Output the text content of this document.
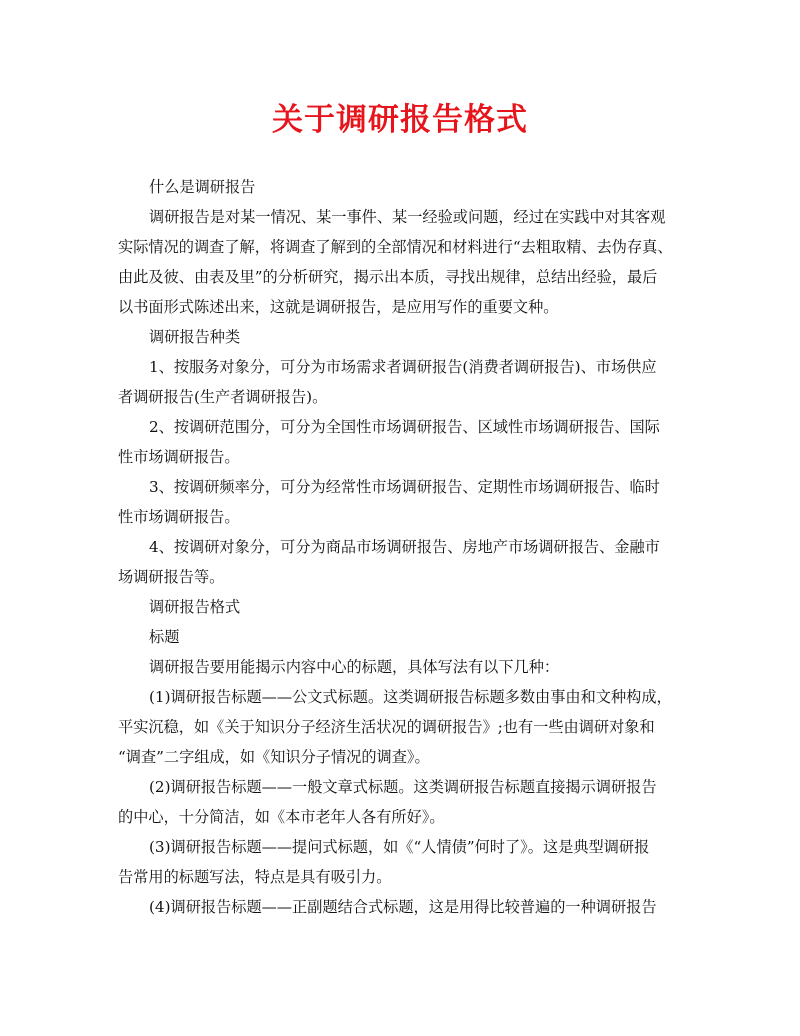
关于调研报告格式

什么是调研报告

调研报告是对某一情况、某一事件、某一经验或问题，经过在实践中对其客观
实际情况的调查了解，将调查了解到的全部情况和材料进行“去粗取精、去伪存真、
由此及彼、由表及里”的分析研究，揭示出本质，寻找出规律，总结出经验，最后
以书面形式陈述出来，这就是调研报告，是应用写作的重要文种。

调研报告种类

1、按服务对象分，可分为市场需求者调研报告(消费者调研报告)、市场供应
者调研报告(生产者调研报告)。

2、按调研范围分，可分为全国性市场调研报告、区域性市场调研报告、国际
性市场调研报告。

3、按调研频率分，可分为经常性市场调研报告、定期性市场调研报告、临时
性市场调研报告。

4、按调研对象分，可分为商品市场调研报告、房地产市场调研报告、金融市
场调研报告等。

调研报告格式

标题

调研报告要用能揭示内容中心的标题，具体写法有以下几种：

(1)调研报告标题——公文式标题。这类调研报告标题多数由事由和文种构成，
平实沉稳，如《关于知识分子经济生活状况的调研报告》;也有一些由调研对象和
“调查”二字组成，如《知识分子情况的调查》。

(2)调研报告标题——一般文章式标题。这类调研报告标题直接揭示调研报告
的中心，十分简洁，如《本市老年人各有所好》。

(3)调研报告标题——提问式标题，如《“人情债”何时了》。这是典型调研报
告常用的标题写法，特点是具有吸引力。

(4)调研报告标题——正副题结合式标题，这是用得比较普遍的一种调研报告
